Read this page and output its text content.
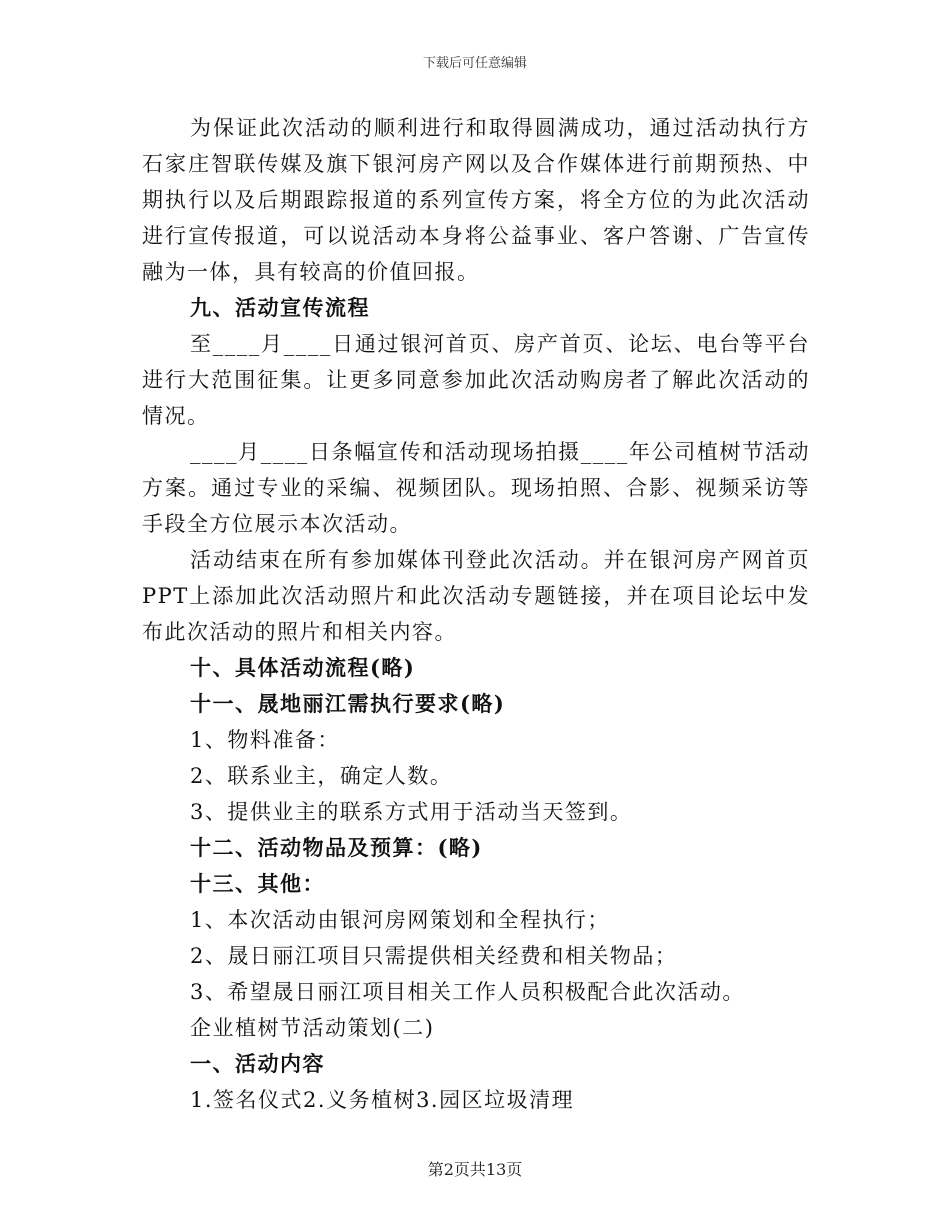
下载后可任意编辑

为保证此次活动的顺利进行和取得圆满成功，通过活动执行方石家庄智联传媒及旗下银河房产网以及合作媒体进行前期预热、中期执行以及后期跟踪报道的系列宣传方案，将全方位的为此次活动进行宣传报道，可以说活动本身将公益事业、客户答谢、广告宣传融为一体，具有较高的价值回报。

九、活动宣传流程

至____月____日通过银河首页、房产首页、论坛、电台等平台进行大范围征集。让更多同意参加此次活动购房者了解此次活动的情况。

____月____日条幅宣传和活动现场拍摄____年公司植树节活动方案。通过专业的采编、视频团队。现场拍照、合影、视频采访等手段全方位展示本次活动。

活动结束在所有参加媒体刊登此次活动。并在银河房产网首页PPT上添加此次活动照片和此次活动专题链接，并在项目论坛中发布此次活动的照片和相关内容。

十、具体活动流程(略)

十一、晟地丽江需执行要求(略)

1、物料准备：

2、联系业主，确定人数。

3、提供业主的联系方式用于活动当天签到。

十二、活动物品及预算：(略)

十三、其他：

1、本次活动由银河房网策划和全程执行；

2、晟日丽江项目只需提供相关经费和相关物品；

3、希望晟日丽江项目相关工作人员积极配合此次活动。

企业植树节活动策划(二)

一、活动内容

1.签名仪式2.义务植树3.园区垃圾清理

第2页共13页
